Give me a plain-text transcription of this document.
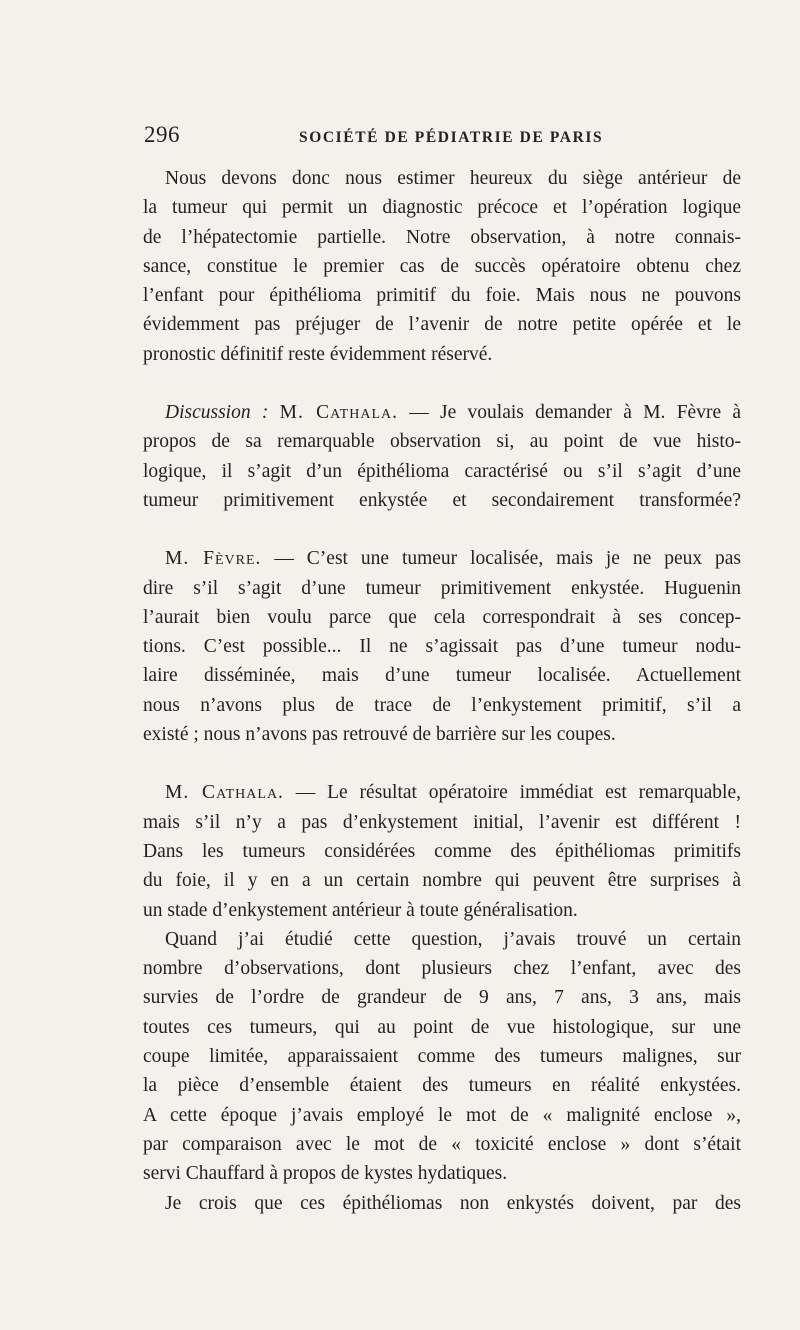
296	SOCIÉTÉ DE PÉDIATRIE DE PARIS
Nous devons donc nous estimer heureux du siège antérieur de
la tumeur qui permit un diagnostic précoce et l’opération logique
de l’hépatectomie partielle. Notre observation, à notre connais-
sance, constitue le premier cas de succès opératoire obtenu chez
l’enfant pour épithélioma primitif du foie. Mais nous ne pouvons
évidemment pas préjuger de l’avenir de notre petite opérée et le
pronostic définitif reste évidemment réservé.
Discussion : M. Cathala. — Je voulais demander à M. Fèvre à
propos de sa remarquable observation si, au point de vue histo-
logique, il s’agit d’un épithélioma caractérisé ou s’il s’agit d’une
tumeur primitivement enkystée et secondairement transformée?
M. Fèvre. — C’est une tumeur localisée, mais je ne peux pas
dire s’il s’agit d’une tumeur primitivement enkystée. Huguenin
l’aurait bien voulu parce que cela correspondrait à ses concep-
tions. C’est possible... Il ne s’agissait pas d’une tumeur nodu-
laire disséminée, mais d’une tumeur localisée. Actuellement
nous n’avons plus de trace de l’enkystement primitif, s’il a
existé ; nous n’avons pas retrouvé de barrière sur les coupes.
M. Cathala. — Le résultat opératoire immédiat est remarquable,
mais s’il n’y a pas d’enkystement initial, l’avenir est différent !
Dans les tumeurs considérées comme des épithéliomas primitifs
du foie, il y en a un certain nombre qui peuvent être surprises à
un stade d’enkystement antérieur à toute généralisation.
Quand j’ai étudié cette question, j’avais trouvé un certain
nombre d’observations, dont plusieurs chez l’enfant, avec des
survies de l’ordre de grandeur de 9 ans, 7 ans, 3 ans, mais
toutes ces tumeurs, qui au point de vue histologique, sur une
coupe limitée, apparaissaient comme des tumeurs malignes, sur
la pièce d’ensemble étaient des tumeurs en réalité enkystées.
A cette époque j’avais employé le mot de « malignité enclose »,
par comparaison avec le mot de « toxicité enclose » dont s’était
servi Chauffard à propos de kystes hydatiques.
Je crois que ces épithéliomas non enkystés doivent, par des
